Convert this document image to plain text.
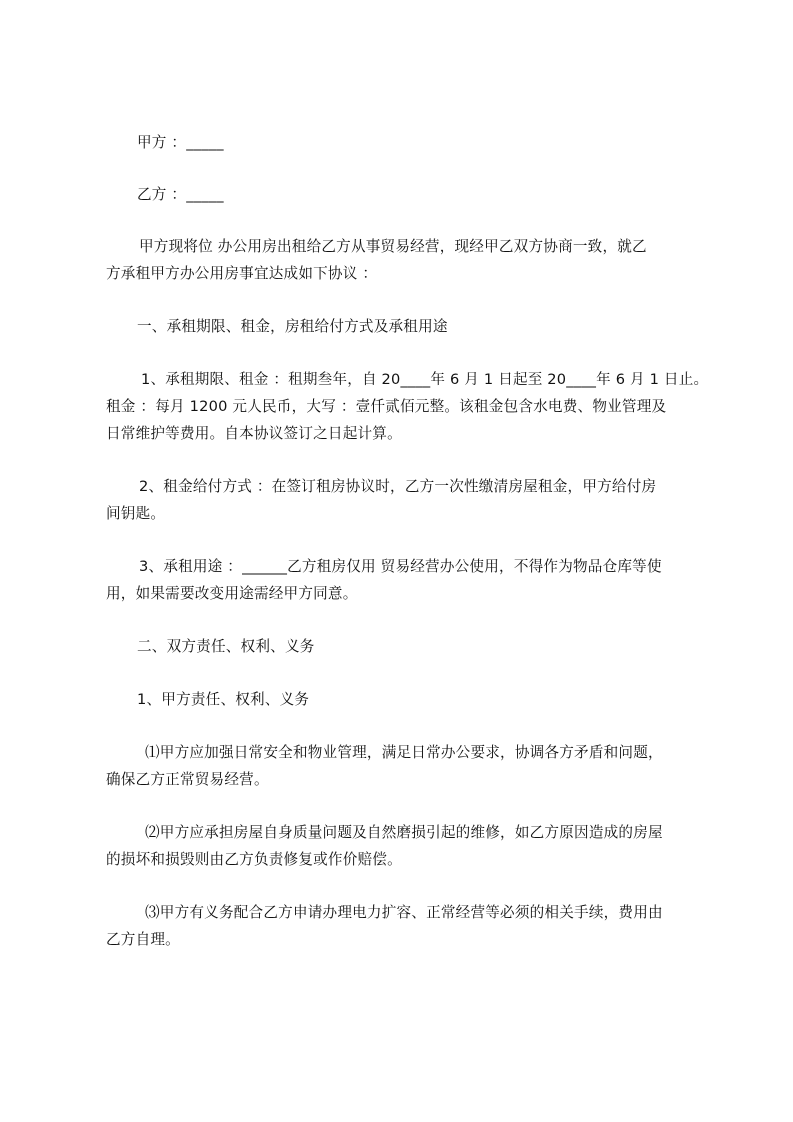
甲方 ：_____
乙方 ：_____
甲方现将位 办公用房出租给乙方从事贸易经营，现经甲乙双方协商一致，就乙
方承租甲方办公用房事宜达成如下协议 ：
一、承租期限、租金，房租给付方式及承租用途
1、承租期限、租金 ：租期叁年，自 20____年 6 月 1 日起至 20____年 6 月 1 日止。
租金 ：每月 1200 元人民币，大写 ：壹仟贰佰元整。该租金包含水电费、物业管理及
日常维护等费用。自本协议签订之日起计算。
2、租金给付方式 ：在签订租房协议时，乙方一次性缴清房屋租金，甲方给付房
间钥匙。
3、承租用途 ：______乙方租房仅用 贸易经营办公使用，不得作为物品仓库等使
用，如果需要改变用途需经甲方同意。
二、双方责任、权利、义务
1、甲方责任、权利、义务
⑴甲方应加强日常安全和物业管理，满足日常办公要求，协调各方矛盾和问题，
确保乙方正常贸易经营。
⑵甲方应承担房屋自身质量问题及自然磨损引起的维修，如乙方原因造成的房屋
的损坏和损毁则由乙方负责修复或作价赔偿。
⑶甲方有义务配合乙方申请办理电力扩容、正常经营等必须的相关手续，费用由
乙方自理。
